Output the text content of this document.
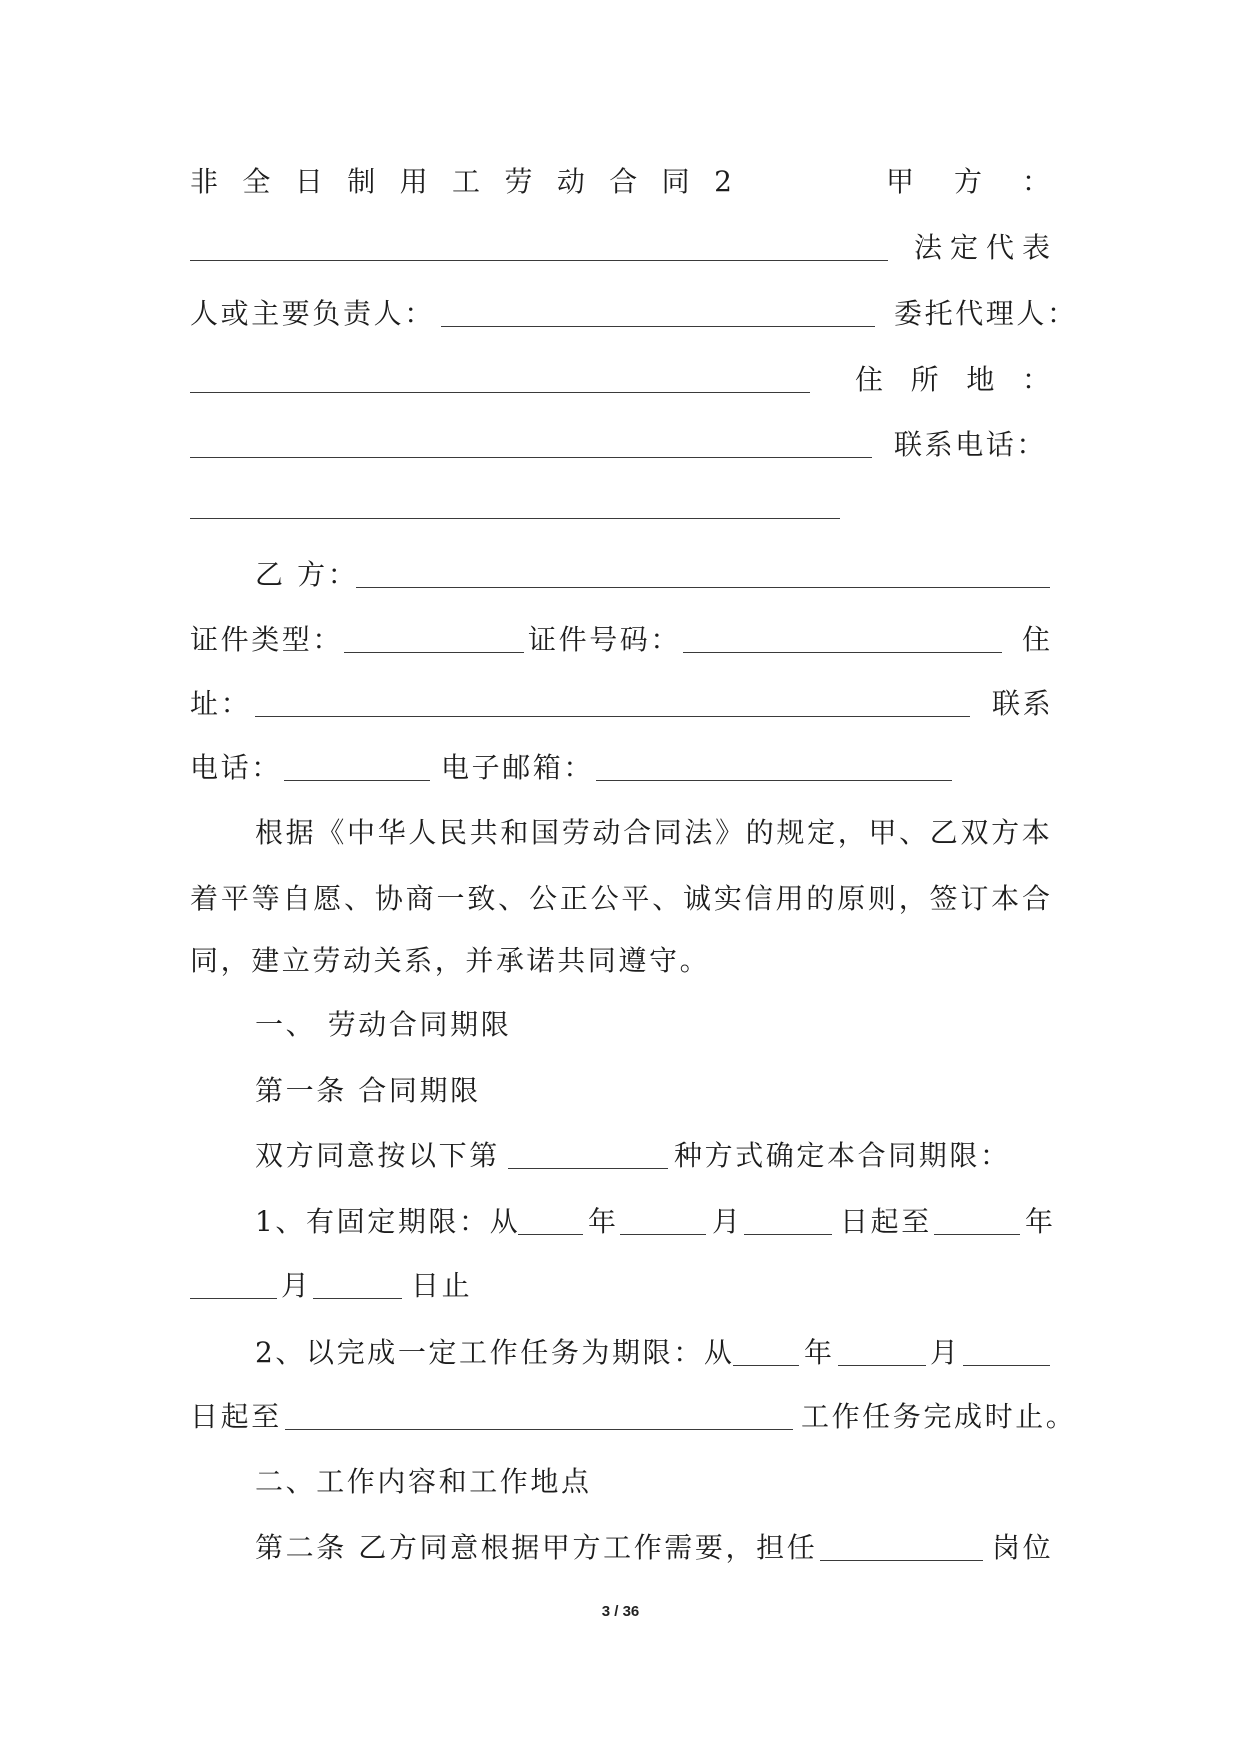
非 全 日 制 用 工 劳 动 合 同 2	甲 方 ：
法 定 代 表
人或主要负责人：	委托代理人：
住 所 地 ：
联系电话：
乙 方：
证件类型：	证件号码：	住
址：	联系
电话：	电子邮箱：
根 据 《 中 华 人 民 共 和 国 劳 动 合 同 法 》 的 规 定 ， 甲 、 乙 双 方 本
着 平 等 自 愿 、 协 商 一 致 、 公 正 公 平 、 诚 实 信 用 的 原 则 ， 签 订 本 合
同，建立劳动关系，并承诺共同遵守。
一、 劳动合同期限
第一条 合同期限
双方同意按以下第	种方式确定本合同期限：
1、有固定期限：从 年	月	日起至	年
月	日止
2、以完成一定工作任务为期限：从 年	月
日起至	工作任务完成时止。
二、工作内容和工作地点
第二条 乙方同意根据甲方工作需要，担任	岗位
3 / 36
